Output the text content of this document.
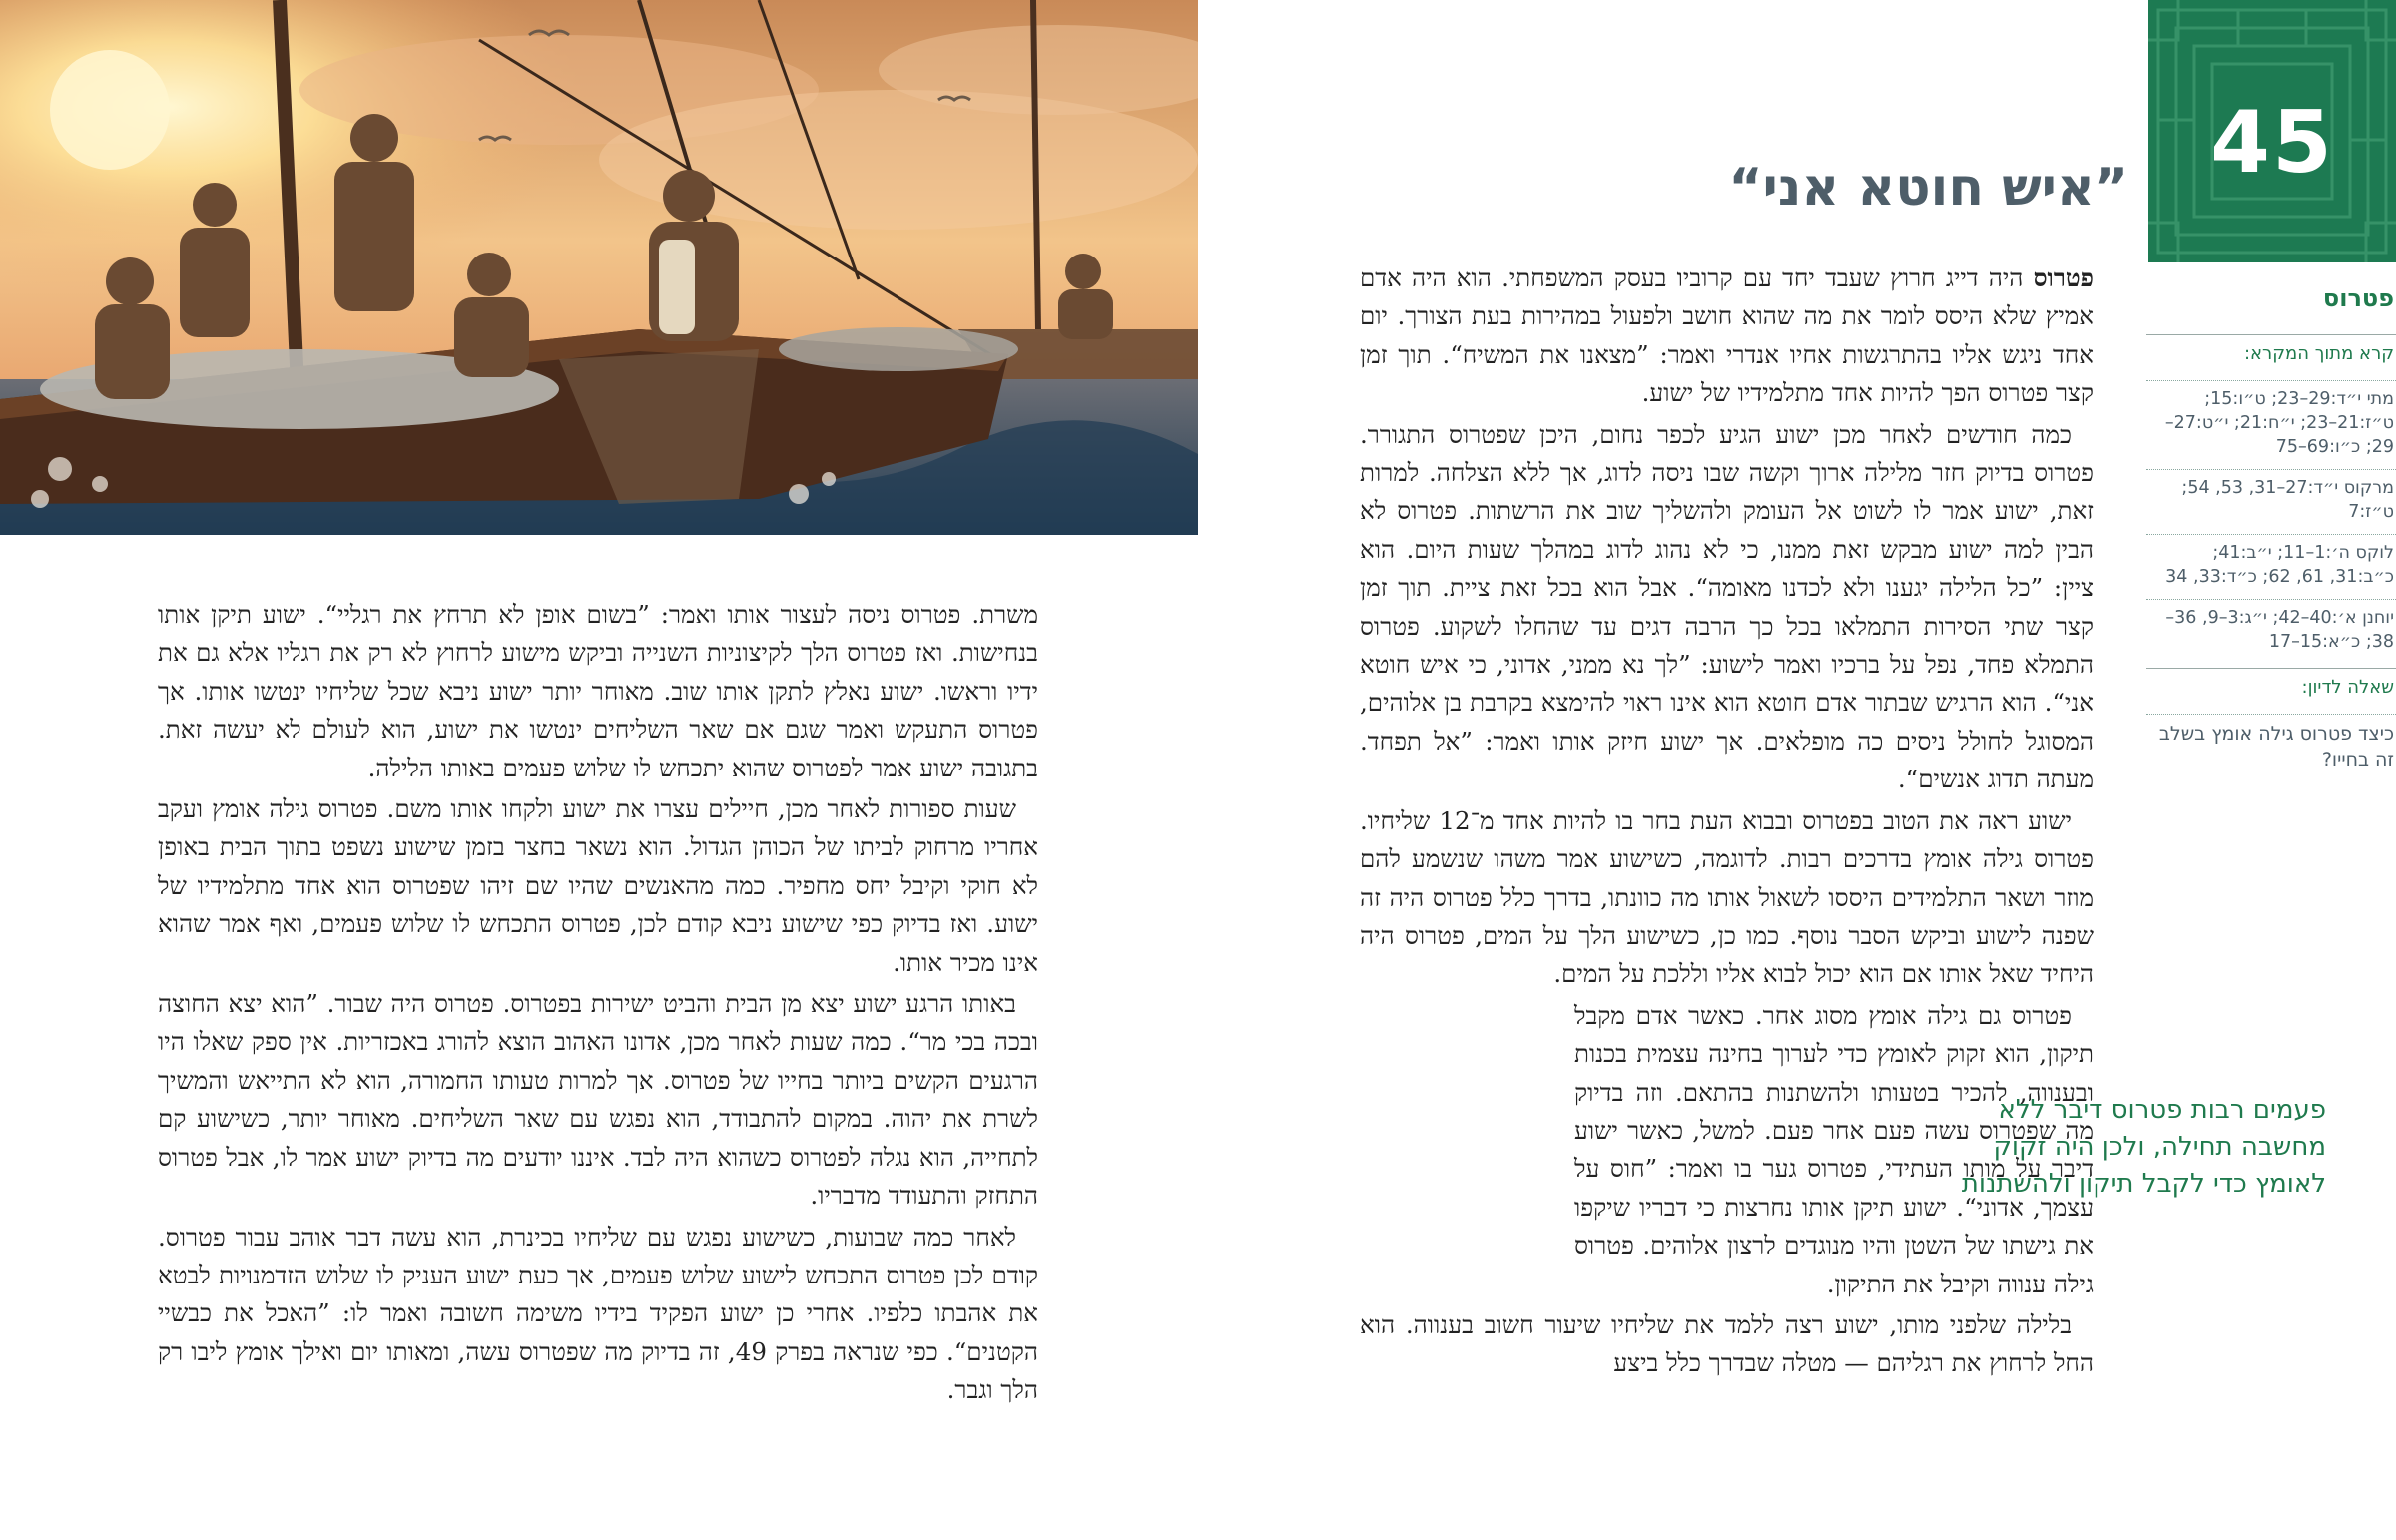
משרת. פטרוס ניסה לעצור אותו ואמר: ”בשום אופן לא תרחץ את רגליי“. ישוע תיקן אותו בנחישות. ואז פטרוס הלך לקיצוניות השנייה וביקש מישוע לרחוץ לא רק את רגליו אלא גם את ידיו וראשו. ישוע נאלץ לתקן אותו שוב. מאוחר יותר ישוע ניבא שכל שליחיו ינטשו אותו. אך פטרוס התעקש ואמר שגם אם שאר השליחים ינטשו את ישוע, הוא לעולם לא יעשה זאת. בתגובה ישוע אמר לפטרוס שהוא יתכחש לו שלוש פעמים באותו הלילה.

שעות ספורות לאחר מכן, חיילים עצרו את ישוע ולקחו אותו משם. פטרוס גילה אומץ ועקב אחריו מרחוק לביתו של הכוהן הגדול. הוא נשאר בחצר בזמן שישוע נשפט בתוך הבית באופן לא חוקי וקיבל יחס מחפיר. כמה מהאנשים שהיו שם זיהו שפטרוס הוא אחד מתלמידיו של ישוע. ואז בדיוק כפי שישוע ניבא קודם לכן, פטרוס התכחש לו שלוש פעמים, ואף אמר שהוא אינו מכיר אותו.

באותו הרגע ישוע יצא מן הבית והביט ישירות בפטרוס. פטרוס היה שבור. ”הוא יצא החוצה ובכה בכי מר“. כמה שעות לאחר מכן, אדונו האהוב הוצא להורג באכזריות. אין ספק שאלו היו הרגעים הקשים ביותר בחייו של פטרוס. אך למרות טעותו החמורה, הוא לא התייאש והמשיך לשרת את יהוה. במקום להתבודד, הוא נפגש עם שאר השליחים. מאוחר יותר, כשישוע קם לתחייה, הוא נגלה לפטרוס כשהוא היה לבד. איננו יודעים מה בדיוק ישוע אמר לו, אבל פטרוס התחזק והתעודד מדבריו.

לאחר כמה שבועות, כשישוע נפגש עם שליחיו בכינרת, הוא עשה דבר אוהב עבור פטרוס. קודם לכן פטרוס התכחש לישוע שלוש פעמים, אך כעת ישוע העניק לו שלוש הזדמנויות לבטא את אהבתו כלפיו. אחרי כן ישוע הפקיד בידיו משימה חשובה ואמר לו: ”האכל את כבשיי הקטנים“. כפי שנראה בפרק 49, זה בדיוק מה שפטרוס עשה, ומאותו יום ואילך אומץ ליבו רק הלך וגבר.

45
”איש חוטא אני“

פטרוס היה דייג חרוץ שעבד יחד עם קרוביו בעסק המשפחתי. הוא היה אדם אמיץ שלא היסס לומר את מה שהוא חושב ולפעול במהירות בעת הצורך. יום אחד ניגש אליו בהתרגשות אחיו אנדרי ואמר: ”מצאנו את המשיח“. תוך זמן קצר פטרוס הפך להיות אחד מתלמידיו של ישוע.

כמה חודשים לאחר מכן ישוע הגיע לכפר נחום, היכן שפטרוס התגורר. פטרוס בדיוק חזר מלילה ארוך וקשה שבו ניסה לדוג, אך ללא הצלחה. למרות זאת, ישוע אמר לו לשוט אל העומק ולהשליך שוב את הרשתות. פטרוס לא הבין למה ישוע מבקש זאת ממנו, כי לא נהוג לדוג במהלך שעות היום. הוא ציין: ”כל הלילה יגענו ולא לכדנו מאומה“. אבל הוא בכל זאת ציית. תוך זמן קצר שתי הסירות התמלאו בכל כך הרבה דגים עד שהחלו לשקוע. פטרוס התמלא פחד, נפל על ברכיו ואמר לישוע: ”לך נא ממני, אדוני, כי איש חוטא אני“. הוא הרגיש שבתור אדם חוטא הוא אינו ראוי להימצא בקרבת בן אלוהים, המסוגל לחולל ניסים כה מופלאים. אך ישוע חיזק אותו ואמר: ”אל תפחד. מעתה תדוג אנשים“.

ישוע ראה את הטוב בפטרוס ובבוא העת בחר בו להיות אחד מ־12 שליחיו. פטרוס גילה אומץ בדרכים רבות. לדוגמה, כשישוע אמר משהו שנשמע להם מוזר ושאר התלמידים היססו לשאול אותו מה כוונתו, בדרך כלל פטרוס היה זה שפנה לישוע וביקש הסבר נוסף. כמו כן, כשישוע הלך על המים, פטרוס היה היחיד שאל אותו אם הוא יכול לבוא אליו וללכת על המים.

פטרוס גם גילה אומץ מסוג אחר. כאשר אדם מקבל תיקון, הוא זקוק לאומץ כדי לערוך בחינה עצמית בכנות ובענווה, להכיר בטעותו ולהשתנות בהתאם. וזה בדיוק מה שפטרוס עשה פעם אחר פעם. למשל, כאשר ישוע דיבר על מותו העתידי, פטרוס גער בו ואמר: ”חוס על עצמך, אדוני“. ישוע תיקן אותו נחרצות כי דבריו שיקפו את גישתו של השטן והיו מנוגדים לרצון אלוהים. פטרוס גילה ענווה וקיבל את התיקון.

בלילה שלפני מותו, ישוע רצה ללמד את שליחיו שיעור חשוב בענווה. הוא החל לרחוץ את רגליהם — מטלה שבדרך כלל ביצע

פעמים רבות פטרוס דיבר ללא מחשבה תחילה, ולכן היה זקוק לאומץ כדי לקבל תיקון ולהשתנות
פטרוס
קרא מתוך המקרא:
מתי י״ד:29–23; ט״ו:15; ט״ז:21–23; י״ח:21; י״ט:27–29; כ״ו:69–75
מרקוס י״ד:27–31, 53, 54; ט״ז:7
לוקס ה׳:1–11; י״ב:41; כ״ב:31, 61, 62; כ״ד:33, 34
יוחנן א׳:40–42; י״ג:3–9, 36–38; כ״א:15–17
שאלה לדיון:
כיצד פטרוס גילה אומץ בשלב זה בחייו?
